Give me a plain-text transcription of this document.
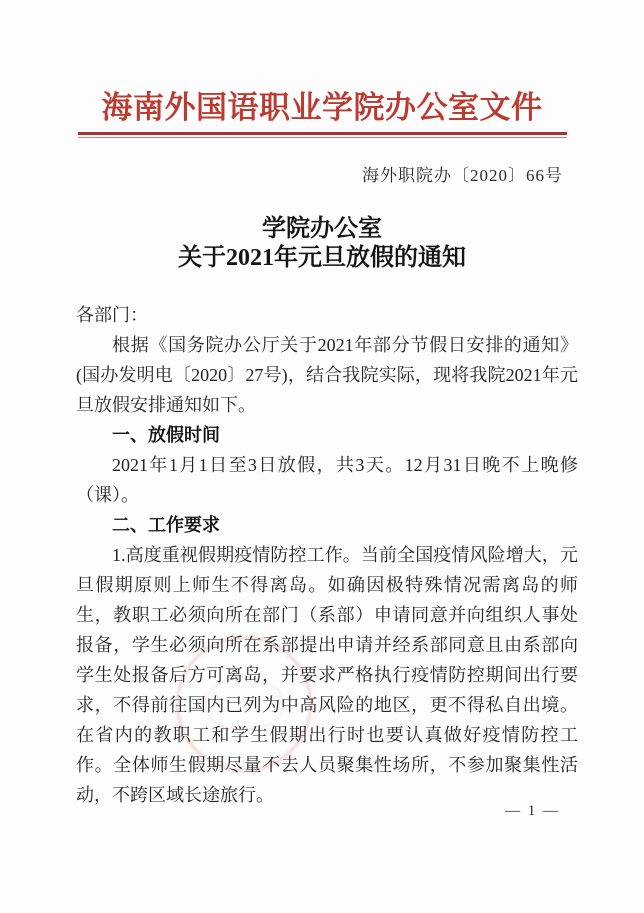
海南外国语职业学院办公室文件
海外职院办〔2020〕66号
学院办公室
关于2021年元旦放假的通知

各部门：

根据《国务院办公厅关于2021年部分节假日安排的通知》(国办发明电〔2020〕27号)，结合我院实际，现将我院2021年元旦放假安排通知如下。

一、放假时间

2021年1月1日至3日放假，共3天。12月31日晚不上晚修（课）。

二、工作要求

1.高度重视假期疫情防控工作。当前全国疫情风险增大，元旦假期原则上师生不得离岛。如确因极特殊情况需离岛的师生，教职工必须向所在部门（系部）申请同意并向组织人事处报备，学生必须向所在系部提出申请并经系部同意且由系部向学生处报备后方可离岛，并要求严格执行疫情防控期间出行要求，不得前往国内已列为中高风险的地区，更不得私自出境。在省内的教职工和学生假期出行时也要认真做好疫情防控工作。全体师生假期尽量不去人员聚集性场所，不参加聚集性活动，不跨区域长途旅行。

— 1 —
